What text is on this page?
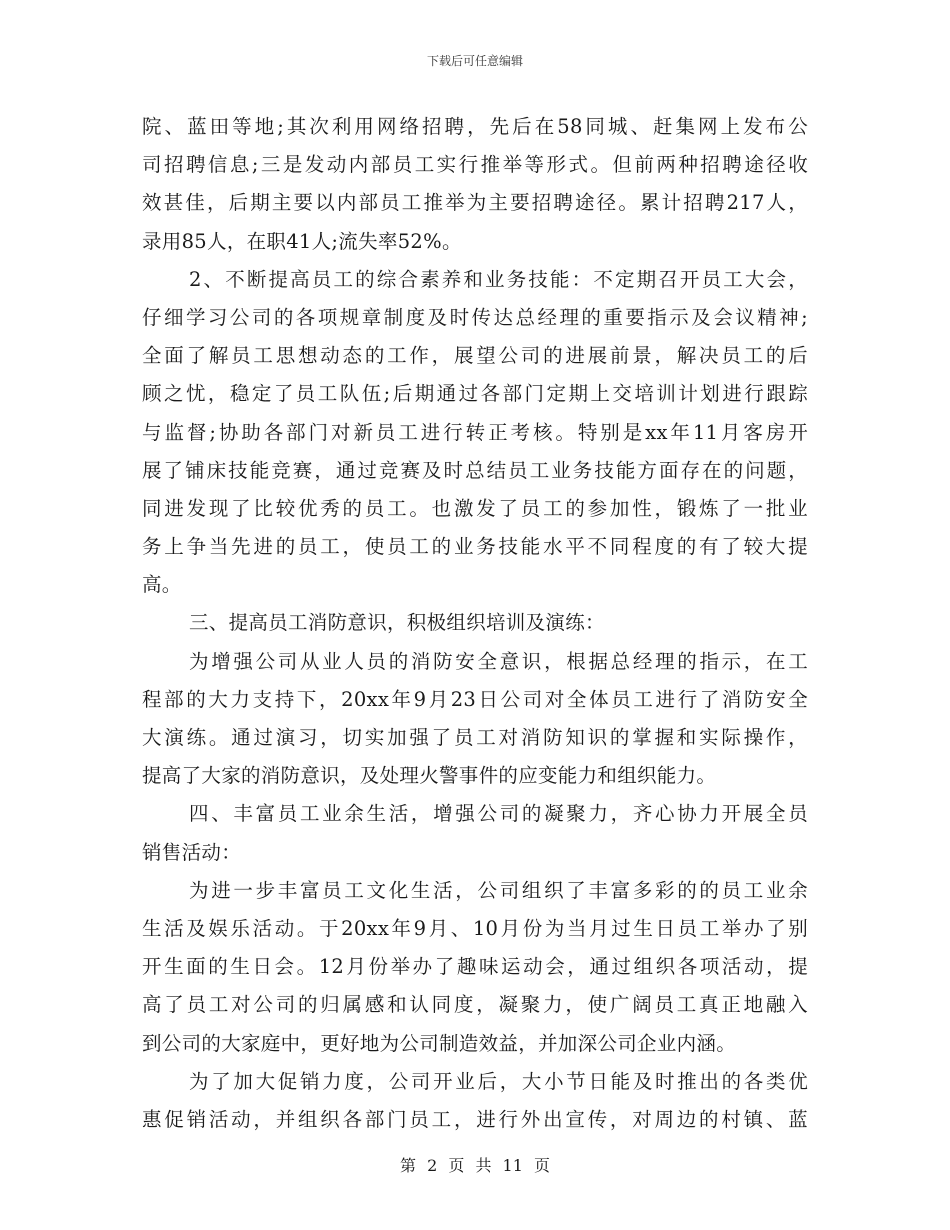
下载后可任意编辑
院、蓝田等地;其次利用网络招聘，先后在58同城、赶集网上发布公
司招聘信息;三是发动内部员工实行推举等形式。但前两种招聘途径收
效甚佳，后期主要以内部员工推举为主要招聘途径。累计招聘217人，
录用85人，在职41人;流失率52%。
2、不断提高员工的综合素养和业务技能：不定期召开员工大会，
仔细学习公司的各项规章制度及时传达总经理的重要指示及会议精神;
全面了解员工思想动态的工作，展望公司的进展前景，解决员工的后
顾之忧，稳定了员工队伍;后期通过各部门定期上交培训计划进行跟踪
与监督;协助各部门对新员工进行转正考核。特别是xx年11月客房开
展了铺床技能竞赛，通过竞赛及时总结员工业务技能方面存在的问题，
同进发现了比较优秀的员工。也激发了员工的参加性，锻炼了一批业
务上争当先进的员工，使员工的业务技能水平不同程度的有了较大提
高。
三、提高员工消防意识，积极组织培训及演练：
为增强公司从业人员的消防安全意识，根据总经理的指示，在工
程部的大力支持下，20xx年9月23日公司对全体员工进行了消防安全
大演练。通过演习，切实加强了员工对消防知识的掌握和实际操作，
提高了大家的消防意识，及处理火警事件的应变能力和组织能力。
四、丰富员工业余生活，增强公司的凝聚力，齐心协力开展全员
销售活动：
为进一步丰富员工文化生活，公司组织了丰富多彩的的员工业余
生活及娱乐活动。于20xx年9月、10月份为当月过生日员工举办了别
开生面的生日会。12月份举办了趣味运动会，通过组织各项活动，提
高了员工对公司的归属感和认同度，凝聚力，使广阔员工真正地融入
到公司的大家庭中，更好地为公司制造效益，并加深公司企业内涵。
为了加大促销力度，公司开业后，大小节日能及时推出的各类优
惠促销活动，并组织各部门员工，进行外出宣传，对周边的村镇、蓝
第 2 页 共 11 页
